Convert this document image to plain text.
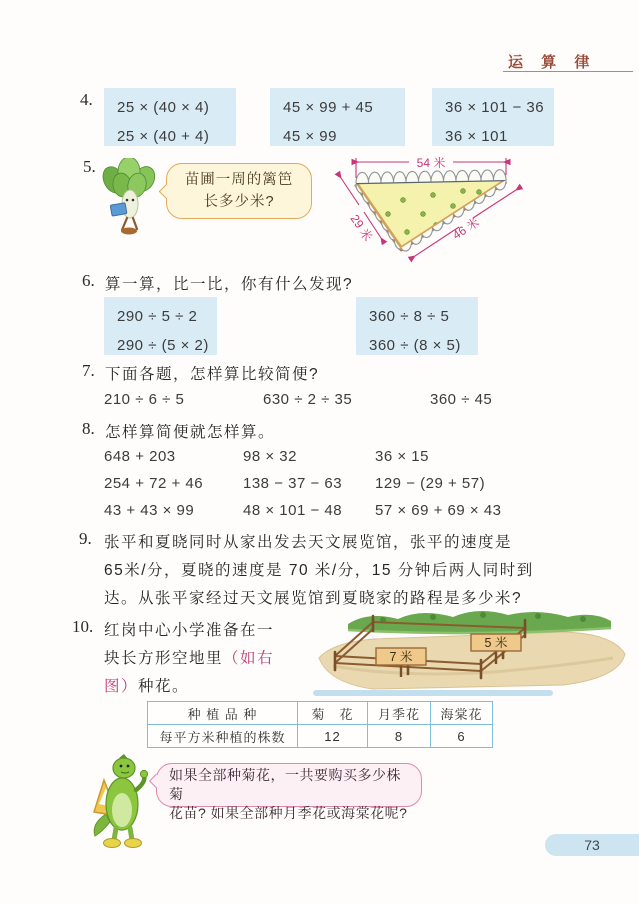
运 算 律
4. 25 × (40 × 4)
25 × (40 + 4)
45 × 99 + 45
45 × 99
36 × 101 − 36
36 × 101
5.
苗圃一周的篱笆
长多少米?
54 米
29 米	46 米
6. 算一算，比一比，你有什么发现?
290 ÷ 5 ÷ 2
290 ÷ (5 × 2)
360 ÷ 8 ÷ 5
360 ÷ (8 × 5)
7. 下面各题，怎样算比较简便?
210 ÷ 6 ÷ 5	630 ÷ 2 ÷ 35	360 ÷ 45
8. 怎样算简便就怎样算。
648 + 203	98 × 32	36 × 15
254 + 72 + 46	138 − 37 − 63 129 − (29 + 57)
43 + 43 × 99	48 × 101 − 48 57 × 69 + 69 × 43
9. 张平和夏晓同时从家出发去天文展览馆，张平的速度是
65米/分，夏晓的速度是 70 米/分，15 分钟后两人同时到
达。从张平家经过天文展览馆到夏晓家的路程是多少米?
10. 红岗中心小学准备在一
块长方形空地里（如右
图）种花。
7 米
5 米
种 植 品 种	菊　花	月季花	海棠花
每平方米种植的株数	12	8	6
如果全部种菊花，一共要购买多少株菊
花苗? 如果全部种月季花或海棠花呢?
73
